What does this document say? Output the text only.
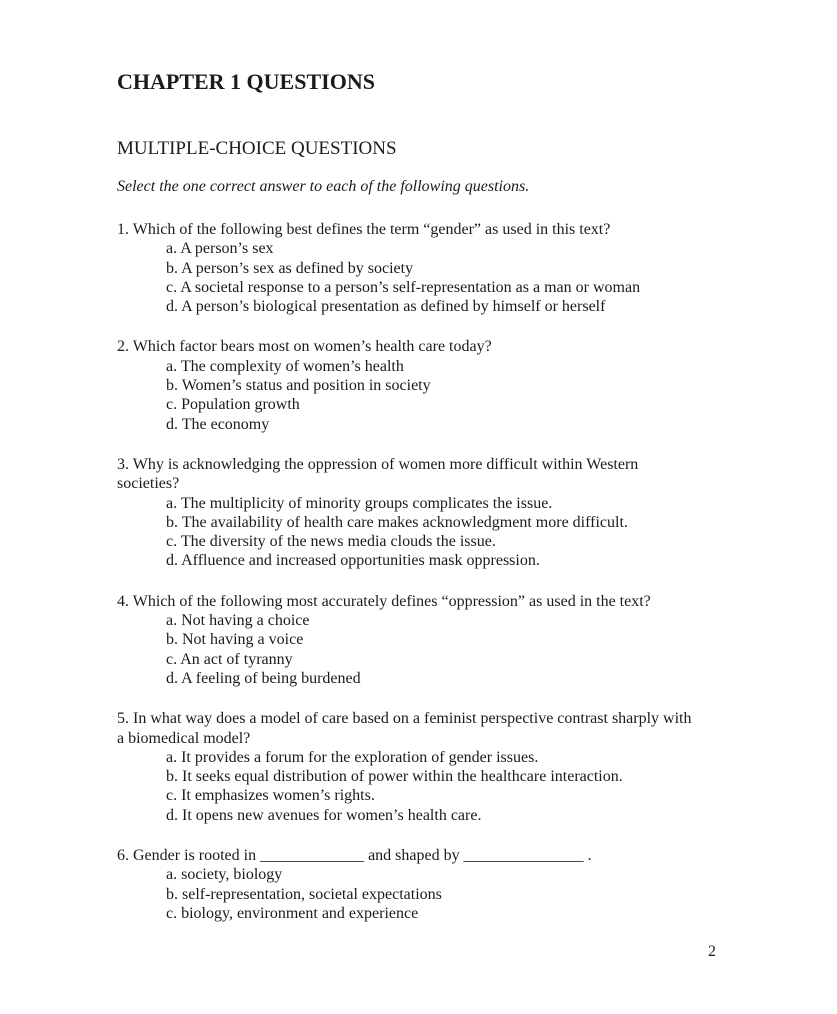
CHAPTER 1 QUESTIONS
MULTIPLE-CHOICE QUESTIONS

Select the one correct answer to each of the following questions.

1. Which of the following best defines the term “gender” as used in this text?
a. A person’s sex
b. A person’s sex as defined by society
c. A societal response to a person’s self-representation as a man or woman
d. A person’s biological presentation as defined by himself or herself
2. Which factor bears most on women’s health care today?
a. The complexity of women’s health
b. Women’s status and position in society
c. Population growth
d. The economy
3. Why is acknowledging the oppression of women more difficult within Western
societies?
a. The multiplicity of minority groups complicates the issue.
b. The availability of health care makes acknowledgment more difficult.
c. The diversity of the news media clouds the issue.
d. Affluence and increased opportunities mask oppression.
4. Which of the following most accurately defines “oppression” as used in the text?
a. Not having a choice
b. Not having a voice
c. An act of tyranny
d. A feeling of being burdened
5. In what way does a model of care based on a feminist perspective contrast sharply with
a biomedical model?
a. It provides a forum for the exploration of gender issues.
b. It seeks equal distribution of power within the healthcare interaction.
c. It emphasizes women’s rights.
d. It opens new avenues for women’s health care.
6. Gender is rooted in _____________ and shaped by _______________ .
a. society, biology
b. self-representation, societal expectations
c. biology, environment and experience
2
